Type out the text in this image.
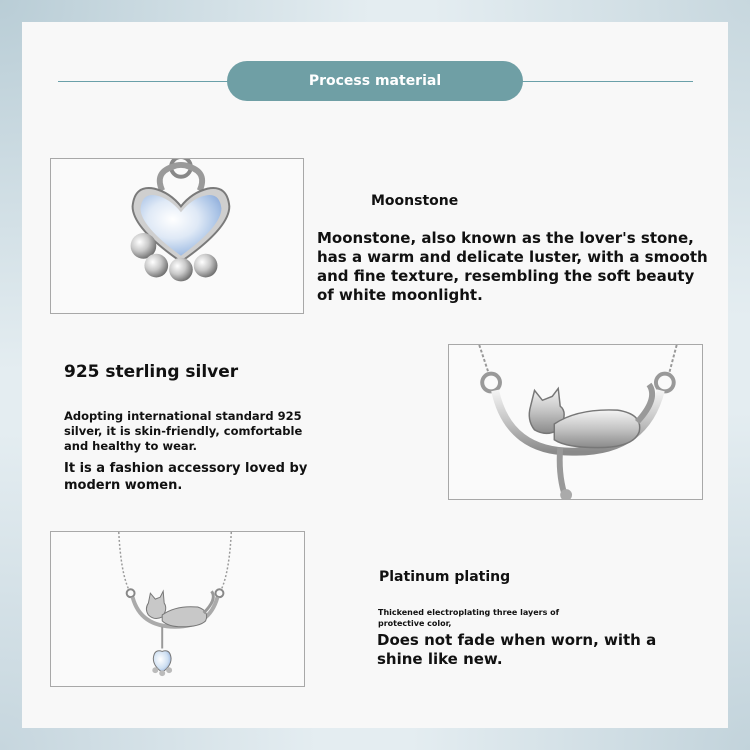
Process material

Moonstone

Moonstone, also known as the lover's stone, has a warm and delicate luster, with a smooth and fine texture, resembling the soft beauty of white moonlight.

925 sterling silver

Adopting international standard 925 silver, it is skin-friendly, comfortable and healthy to wear.

It is a fashion accessory loved by modern women.

Platinum plating

Thickened electroplating three layers of protective color,

Does not fade when worn, with a shine like new.
